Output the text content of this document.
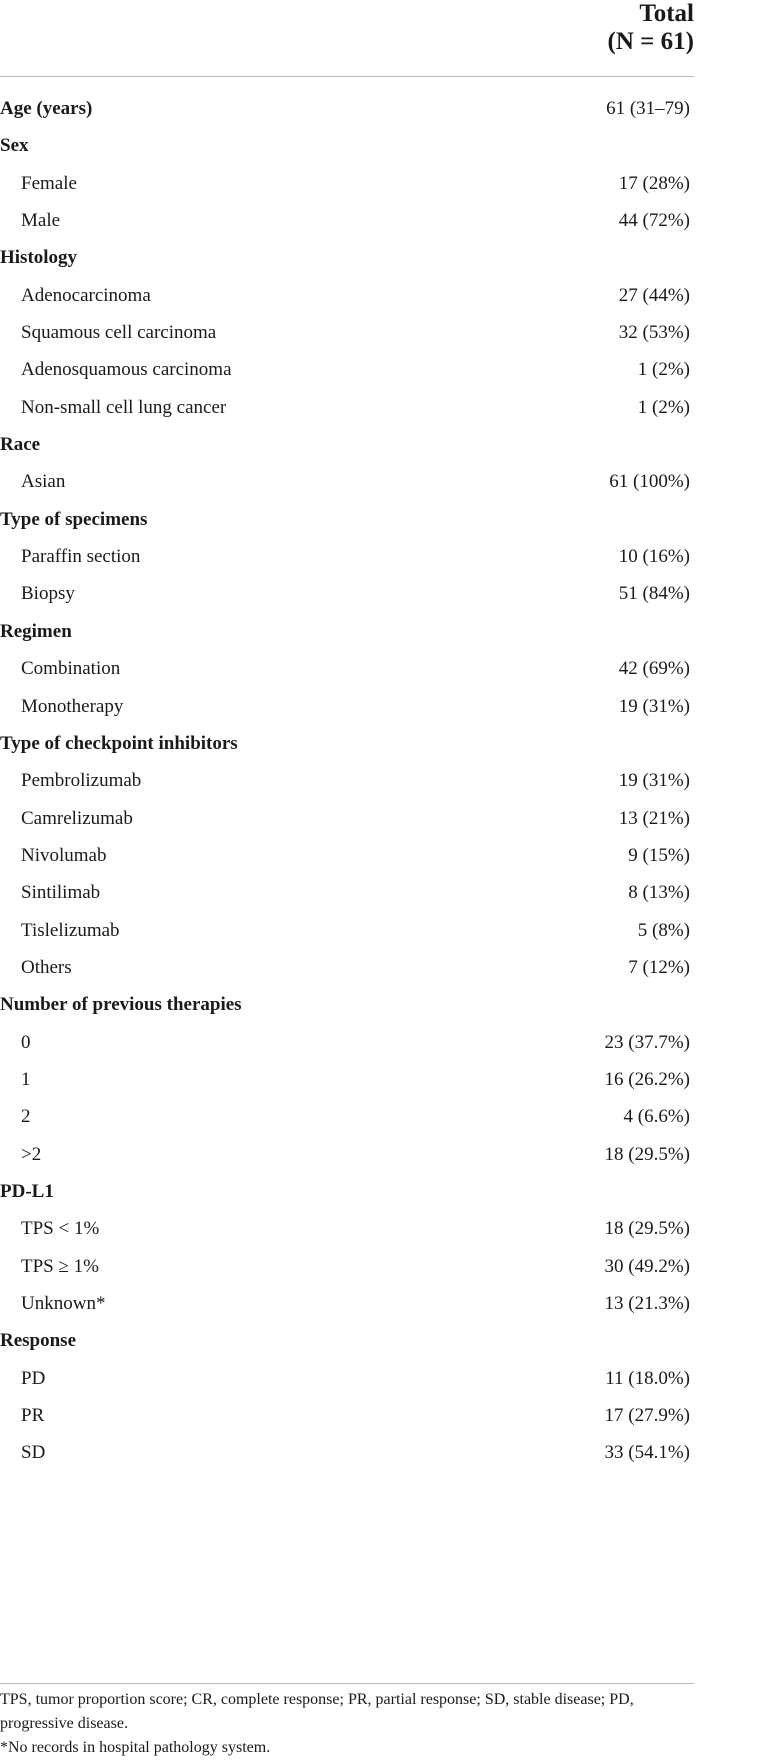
Total
(N = 61)
Age (years)	61 (31–79)
Sex
Female	17 (28%)
Male	44 (72%)
Histology
Adenocarcinoma	27 (44%)
Squamous cell carcinoma	32 (53%)
Adenosquamous carcinoma	1 (2%)
Non-small cell lung cancer	1 (2%)
Race
Asian	61 (100%)
Type of specimens
Paraffin section	10 (16%)
Biopsy	51 (84%)
Regimen
Combination	42 (69%)
Monotherapy	19 (31%)
Type of checkpoint inhibitors
Pembrolizumab	19 (31%)
Camrelizumab	13 (21%)
Nivolumab	9 (15%)
Sintilimab	8 (13%)
Tislelizumab	5 (8%)
Others	7 (12%)
Number of previous therapies
0	23 (37.7%)
1	16 (26.2%)
2	4 (6.6%)
>2	18 (29.5%)
PD-L1
TPS < 1%	18 (29.5%)
TPS ≥ 1%	30 (49.2%)
Unknown*	13 (21.3%)
Response
PD	11 (18.0%)
PR	17 (27.9%)
SD	33 (54.1%)
TPS, tumor proportion score; CR, complete response; PR, partial response; SD, stable disease; PD, progressive disease.
*No records in hospital pathology system.
